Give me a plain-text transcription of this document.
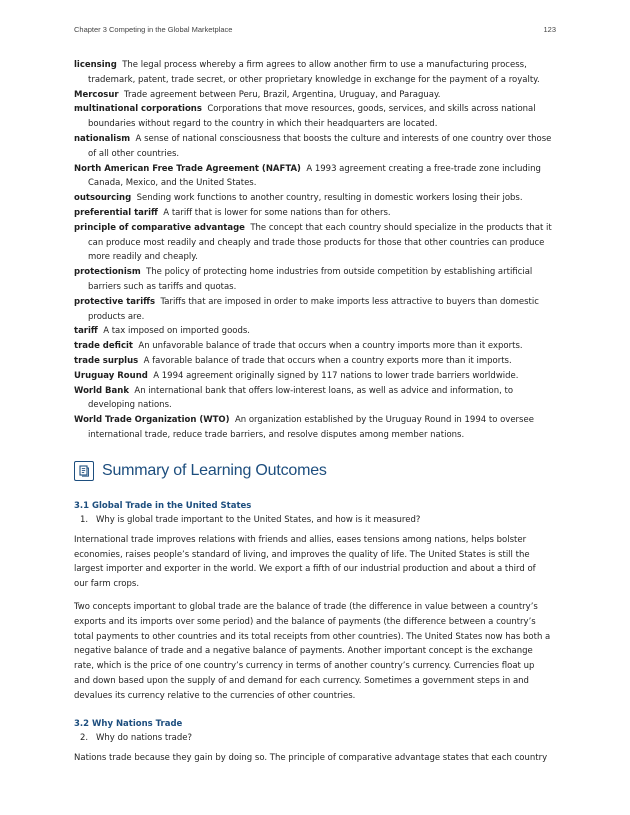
Chapter 3 Competing in the Global Marketplace	123

licensing The legal process whereby a firm agrees to allow another firm to use a manufacturing process, trademark, patent, trade secret, or other proprietary knowledge in exchange for the payment of a royalty.

Mercosur Trade agreement between Peru, Brazil, Argentina, Uruguay, and Paraguay.

multinational corporations Corporations that move resources, goods, services, and skills across national boundaries without regard to the country in which their headquarters are located.

nationalism A sense of national consciousness that boosts the culture and interests of one country over those of all other countries.

North American Free Trade Agreement (NAFTA) A 1993 agreement creating a free-trade zone including Canada, Mexico, and the United States.

outsourcing Sending work functions to another country, resulting in domestic workers losing their jobs.

preferential tariff A tariff that is lower for some nations than for others.

principle of comparative advantage The concept that each country should specialize in the products that it can produce most readily and cheaply and trade those products for those that other countries can produce more readily and cheaply.

protectionism The policy of protecting home industries from outside competition by establishing artificial barriers such as tariffs and quotas.

protective tariffs Tariffs that are imposed in order to make imports less attractive to buyers than domestic products are.

tariff A tax imposed on imported goods.

trade deficit An unfavorable balance of trade that occurs when a country imports more than it exports.

trade surplus A favorable balance of trade that occurs when a country exports more than it imports.

Uruguay Round A 1994 agreement originally signed by 117 nations to lower trade barriers worldwide.

World Bank An international bank that offers low-interest loans, as well as advice and information, to developing nations.

World Trade Organization (WTO) An organization established by the Uruguay Round in 1994 to oversee international trade, reduce trade barriers, and resolve disputes among member nations.

Summary of Learning Outcomes

3.1 Global Trade in the United States

1. Why is global trade important to the United States, and how is it measured?

International trade improves relations with friends and allies, eases tensions among nations, helps bolster economies, raises people’s standard of living, and improves the quality of life. The United States is still the largest importer and exporter in the world. We export a fifth of our industrial production and about a third of our farm crops.

Two concepts important to global trade are the balance of trade (the difference in value between a country’s exports and its imports over some period) and the balance of payments (the difference between a country’s total payments to other countries and its total receipts from other countries). The United States now has both a negative balance of trade and a negative balance of payments. Another important concept is the exchange rate, which is the price of one country’s currency in terms of another country’s currency. Currencies float up and down based upon the supply of and demand for each currency. Sometimes a government steps in and devalues its currency relative to the currencies of other countries.

3.2 Why Nations Trade

2. Why do nations trade?

Nations trade because they gain by doing so. The principle of comparative advantage states that each country
